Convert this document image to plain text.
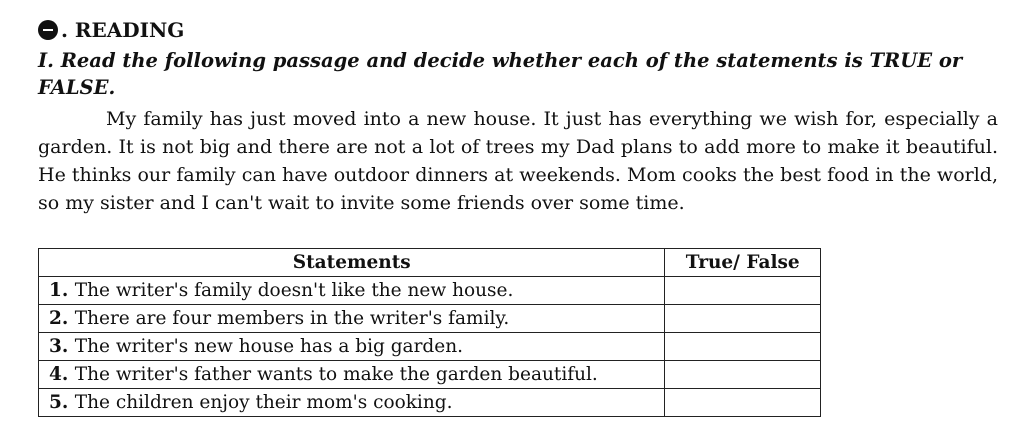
. READING
I. Read the following passage and decide whether each of the statements is TRUE or FALSE.
My family has just moved into a new house. It just has everything we wish for, especially a garden. It is not big and there are not a lot of trees my Dad plans to add more to make it beautiful. He thinks our family can have outdoor dinners at weekends. Mom cooks the best food in the world, so my sister and I can't wait to invite some friends over some time.
Statements	True/ False
1. The writer's family doesn't like the new house.	
2. There are four members in the writer's family.	
3. The writer's new house has a big garden.	
4. The writer's father wants to make the garden beautiful.	
5. The children enjoy their mom's cooking.	
